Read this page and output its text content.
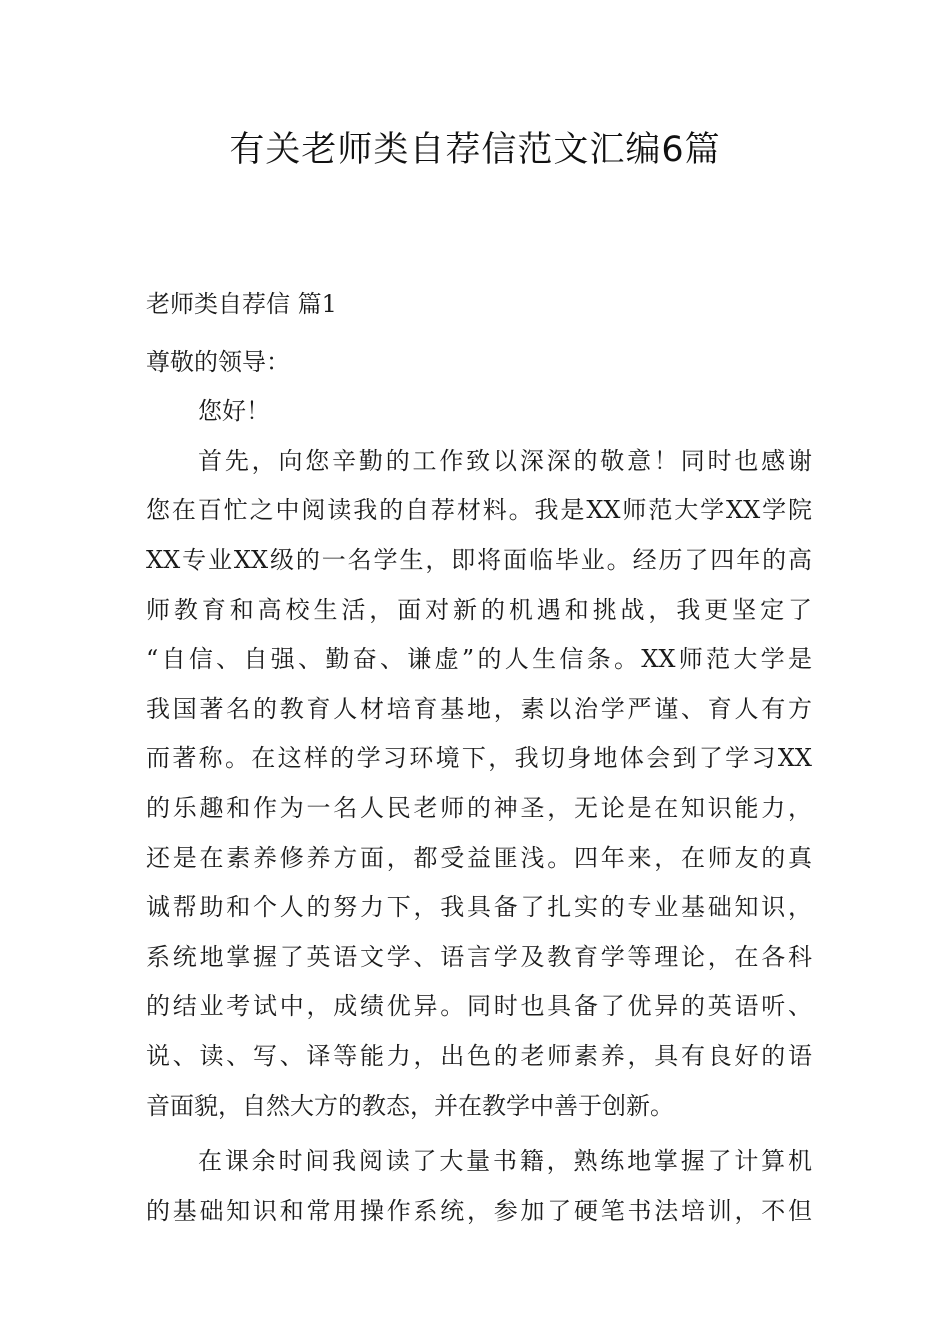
有关老师类自荐信范文汇编6篇

老师类自荐信 篇1

尊敬的领导：

您好！

首先，向您辛勤的工作致以深深的敬意！同时也感谢

您在百忙之中阅读我的自荐材料。我是XX师范大学XX学院

XX专业XX级的一名学生，即将面临毕业。经历了四年的高

师教育和高校生活，面对新的机遇和挑战，我更坚定了

“自信、自强、勤奋、谦虚”的人生信条。XX师范大学是

我国著名的教育人材培育基地，素以治学严谨、育人有方

而著称。在这样的学习环境下，我切身地体会到了学习XX

的乐趣和作为一名人民老师的神圣，无论是在知识能力，

还是在素养修养方面，都受益匪浅。四年来，在师友的真

诚帮助和个人的努力下，我具备了扎实的专业基础知识，

系统地掌握了英语文学、语言学及教育学等理论，在各科

的结业考试中，成绩优异。同时也具备了优异的英语听、

说、读、写、译等能力，出色的老师素养，具有良好的语

音面貌，自然大方的教态，并在教学中善于创新。

在课余时间我阅读了大量书籍，熟练地掌握了计算机

的基础知识和常用操作系统，参加了硬笔书法培训，不但
